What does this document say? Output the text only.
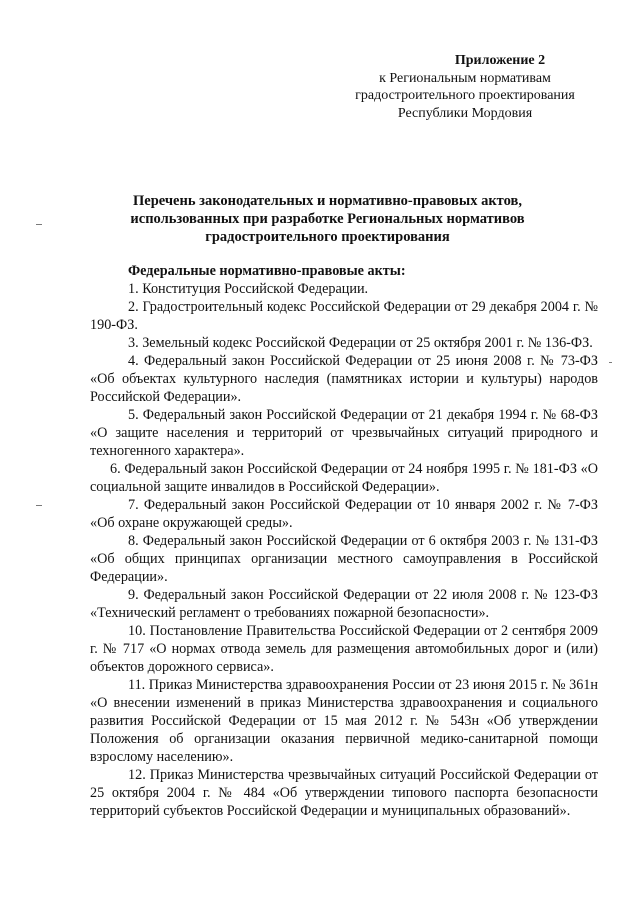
Приложение 2
к Региональным нормативам
градостроительного проектирования
Республики Мордовия
Перечень законодательных и нормативно-правовых актов,
использованных при разработке Региональных нормативов
градостроительного проектирования
Федеральные нормативно-правовые акты:
1. Конституция Российской Федерации.
2. Градостроительный кодекс Российской Федерации от 29 декабря 2004 г. № 190-ФЗ.
3. Земельный кодекс Российской Федерации от 25 октября 2001 г. № 136-ФЗ.
4. Федеральный закон Российской Федерации от 25 июня 2008 г. № 73-ФЗ «Об объектах культурного наследия (памятниках истории и культуры) народов Российской Федерации».
5. Федеральный закон Российской Федерации от 21 декабря 1994 г. № 68-ФЗ «О защите населения и территорий от чрезвычайных ситуаций природного и техногенного характера».
6. Федеральный закон Российской Федерации от 24 ноября 1995 г. № 181-ФЗ «О социальной защите инвалидов в Российской Федерации».
7. Федеральный закон Российской Федерации от 10 января 2002 г. № 7-ФЗ «Об охране окружающей среды».
8. Федеральный закон Российской Федерации от 6 октября 2003 г. № 131-ФЗ «Об общих принципах организации местного самоуправления в Российской Федерации».
9. Федеральный закон Российской Федерации от 22 июля 2008 г. № 123-ФЗ «Технический регламент о требованиях пожарной безопасности».
10. Постановление Правительства Российской Федерации от 2 сентября 2009 г. № 717 «О нормах отвода земель для размещения автомобильных дорог и (или) объектов дорожного сервиса».
11. Приказ Министерства здравоохранения России от 23 июня 2015 г. № 361н «О внесении изменений в приказ Министерства здравоохранения и социального развития Российской Федерации от 15 мая 2012 г. № 543н «Об утверждении Положения об организации оказания первичной медико-санитарной помощи взрослому населению».
12. Приказ Министерства чрезвычайных ситуаций Российской Федерации от 25 октября 2004 г. № 484 «Об утверждении типового паспорта безопасности территорий субъектов Российской Федерации и муниципальных образований».
